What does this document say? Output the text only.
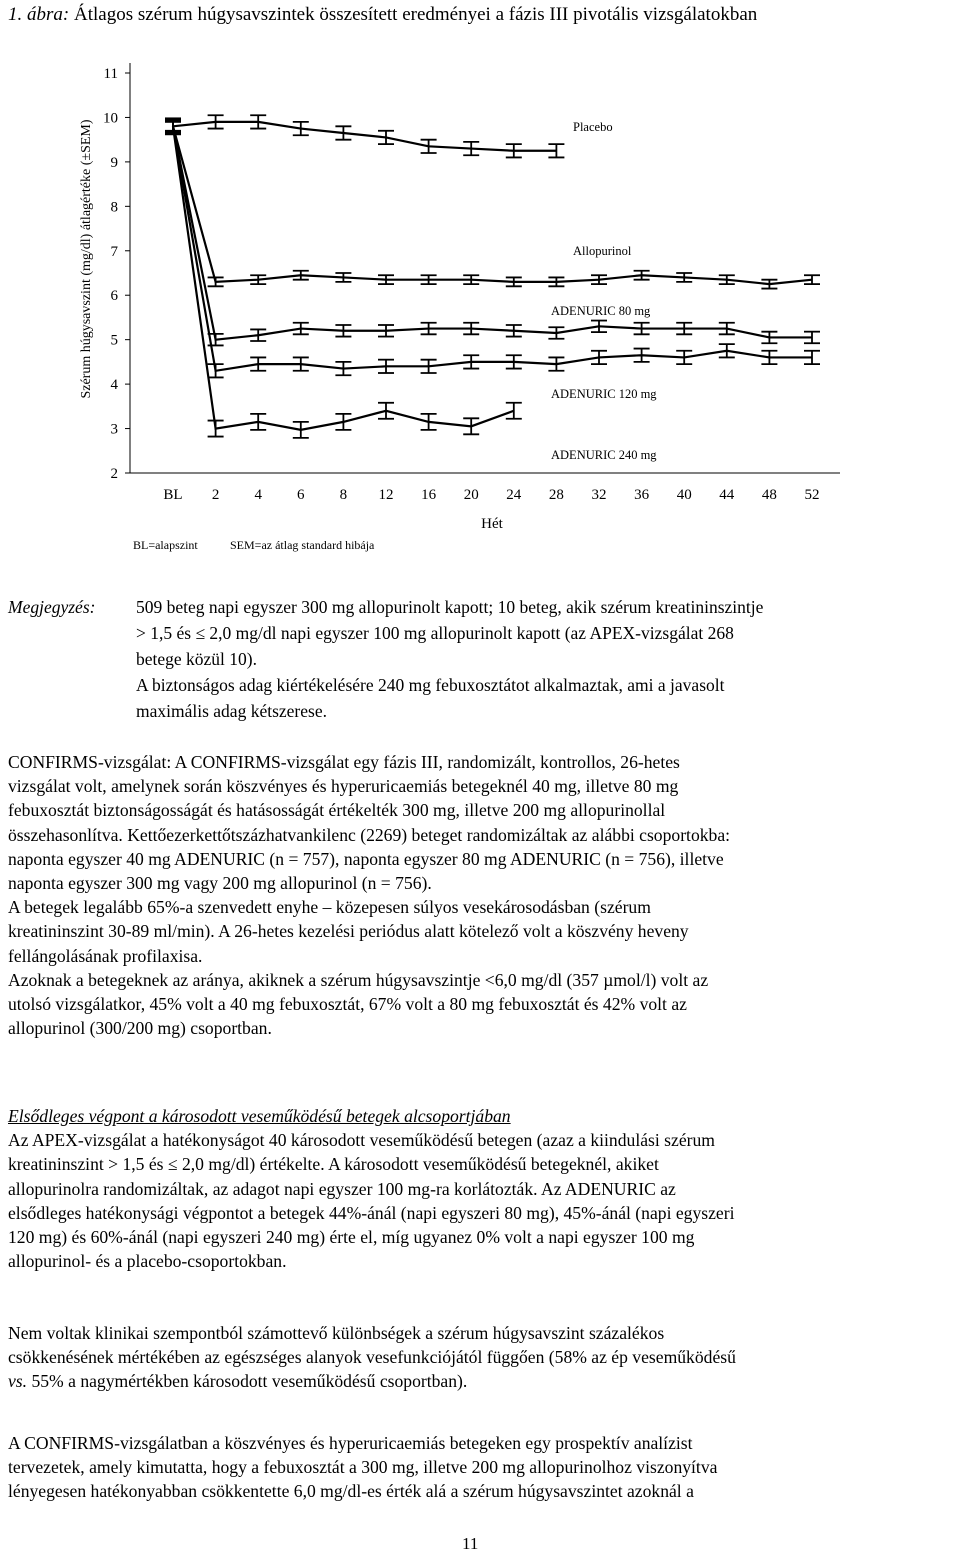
1. ábra: Átlagos szérum húgysavszintek összesített eredményei a fázis III pivotális vizsgálatokban
2
3
4
5
6
7
8
9
10
11
BL 2 4 6 8 12 16 20 24 28 32 36 40 44 48 52
Szérum húgysavszint (mg/dl) átlagértéke (±SEM)
Hét
BL=alapszint	SEM=az átlag standard hibája
Placebo
Allopurinol
ADENURIC 80 mg
ADENURIC 120 mg
ADENURIC 240 mg
Megjegyzés: 509 beteg napi egyszer 300 mg allopurinolt kapott; 10 beteg, akik szérum kreatininszintje
> 1,5 és ≤ 2,0 mg/dl napi egyszer 100 mg allopurinolt kapott (az APEX-vizsgálat 268
betege közül 10).
A biztonságos adag kiértékelésére 240 mg febuxosztátot alkalmaztak, ami a javasolt
maximális adag kétszerese.

CONFIRMS-vizsgálat: A CONFIRMS-vizsgálat egy fázis III, randomizált, kontrollos, 26-hetes

vizsgálat volt, amelynek során köszvényes és hyperuricaemiás betegeknél 40 mg, illetve 80 mg

febuxosztát biztonságosságát és hatásosságát értékelték 300 mg, illetve 200 mg allopurinollal

összehasonlítva. Kettőezerkettőtszázhatvankilenc (2269) beteget randomizáltak az alábbi csoportokba:

naponta egyszer 40 mg ADENURIC (n = 757), naponta egyszer 80 mg ADENURIC (n = 756), illetve

naponta egyszer 300 mg vagy 200 mg allopurinol (n = 756).

A betegek legalább 65%-a szenvedett enyhe – közepesen súlyos vesekárosodásban (szérum

kreatininszint 30-89 ml/min). A 26-hetes kezelési periódus alatt kötelező volt a köszvény heveny

fellángolásának profilaxisa.

Azoknak a betegeknek az aránya, akiknek a szérum húgysavszintje <6,0 mg/dl (357 µmol/l) volt az

utolsó vizsgálatkor, 45% volt a 40 mg febuxosztát, 67% volt a 80 mg febuxosztát és 42% volt az

allopurinol (300/200 mg) csoportban.

Elsődleges végpont a károsodott veseműködésű betegek alcsoportjában

Az APEX-vizsgálat a hatékonyságot 40 károsodott veseműködésű betegen (azaz a kiindulási szérum

kreatininszint > 1,5 és ≤ 2,0 mg/dl) értékelte. A károsodott veseműködésű betegeknél, akiket

allopurinolra randomizáltak, az adagot napi egyszer 100 mg-ra korlátozták. Az ADENURIC az

elsődleges hatékonysági végpontot a betegek 44%-ánál (napi egyszeri 80 mg), 45%-ánál (napi egyszeri

120 mg) és 60%-ánál (napi egyszeri 240 mg) érte el, míg ugyanez 0% volt a napi egyszer 100 mg

allopurinol- és a placebo-csoportokban.

Nem voltak klinikai szempontból számottevő különbségek a szérum húgysavszint százalékos

csökkenésének mértékében az egészséges alanyok vesefunkciójától függően (58% az ép veseműködésű

vs. 55% a nagymértékben károsodott veseműködésű csoportban).

A CONFIRMS-vizsgálatban a köszvényes és hyperuricaemiás betegeken egy prospektív analízist

tervezetek, amely kimutatta, hogy a febuxosztát a 300 mg, illetve 200 mg allopurinolhoz viszonyítva

lényegesen hatékonyabban csökkentette 6,0 mg/dl-es érték alá a szérum húgysavszintet azoknál a

11
